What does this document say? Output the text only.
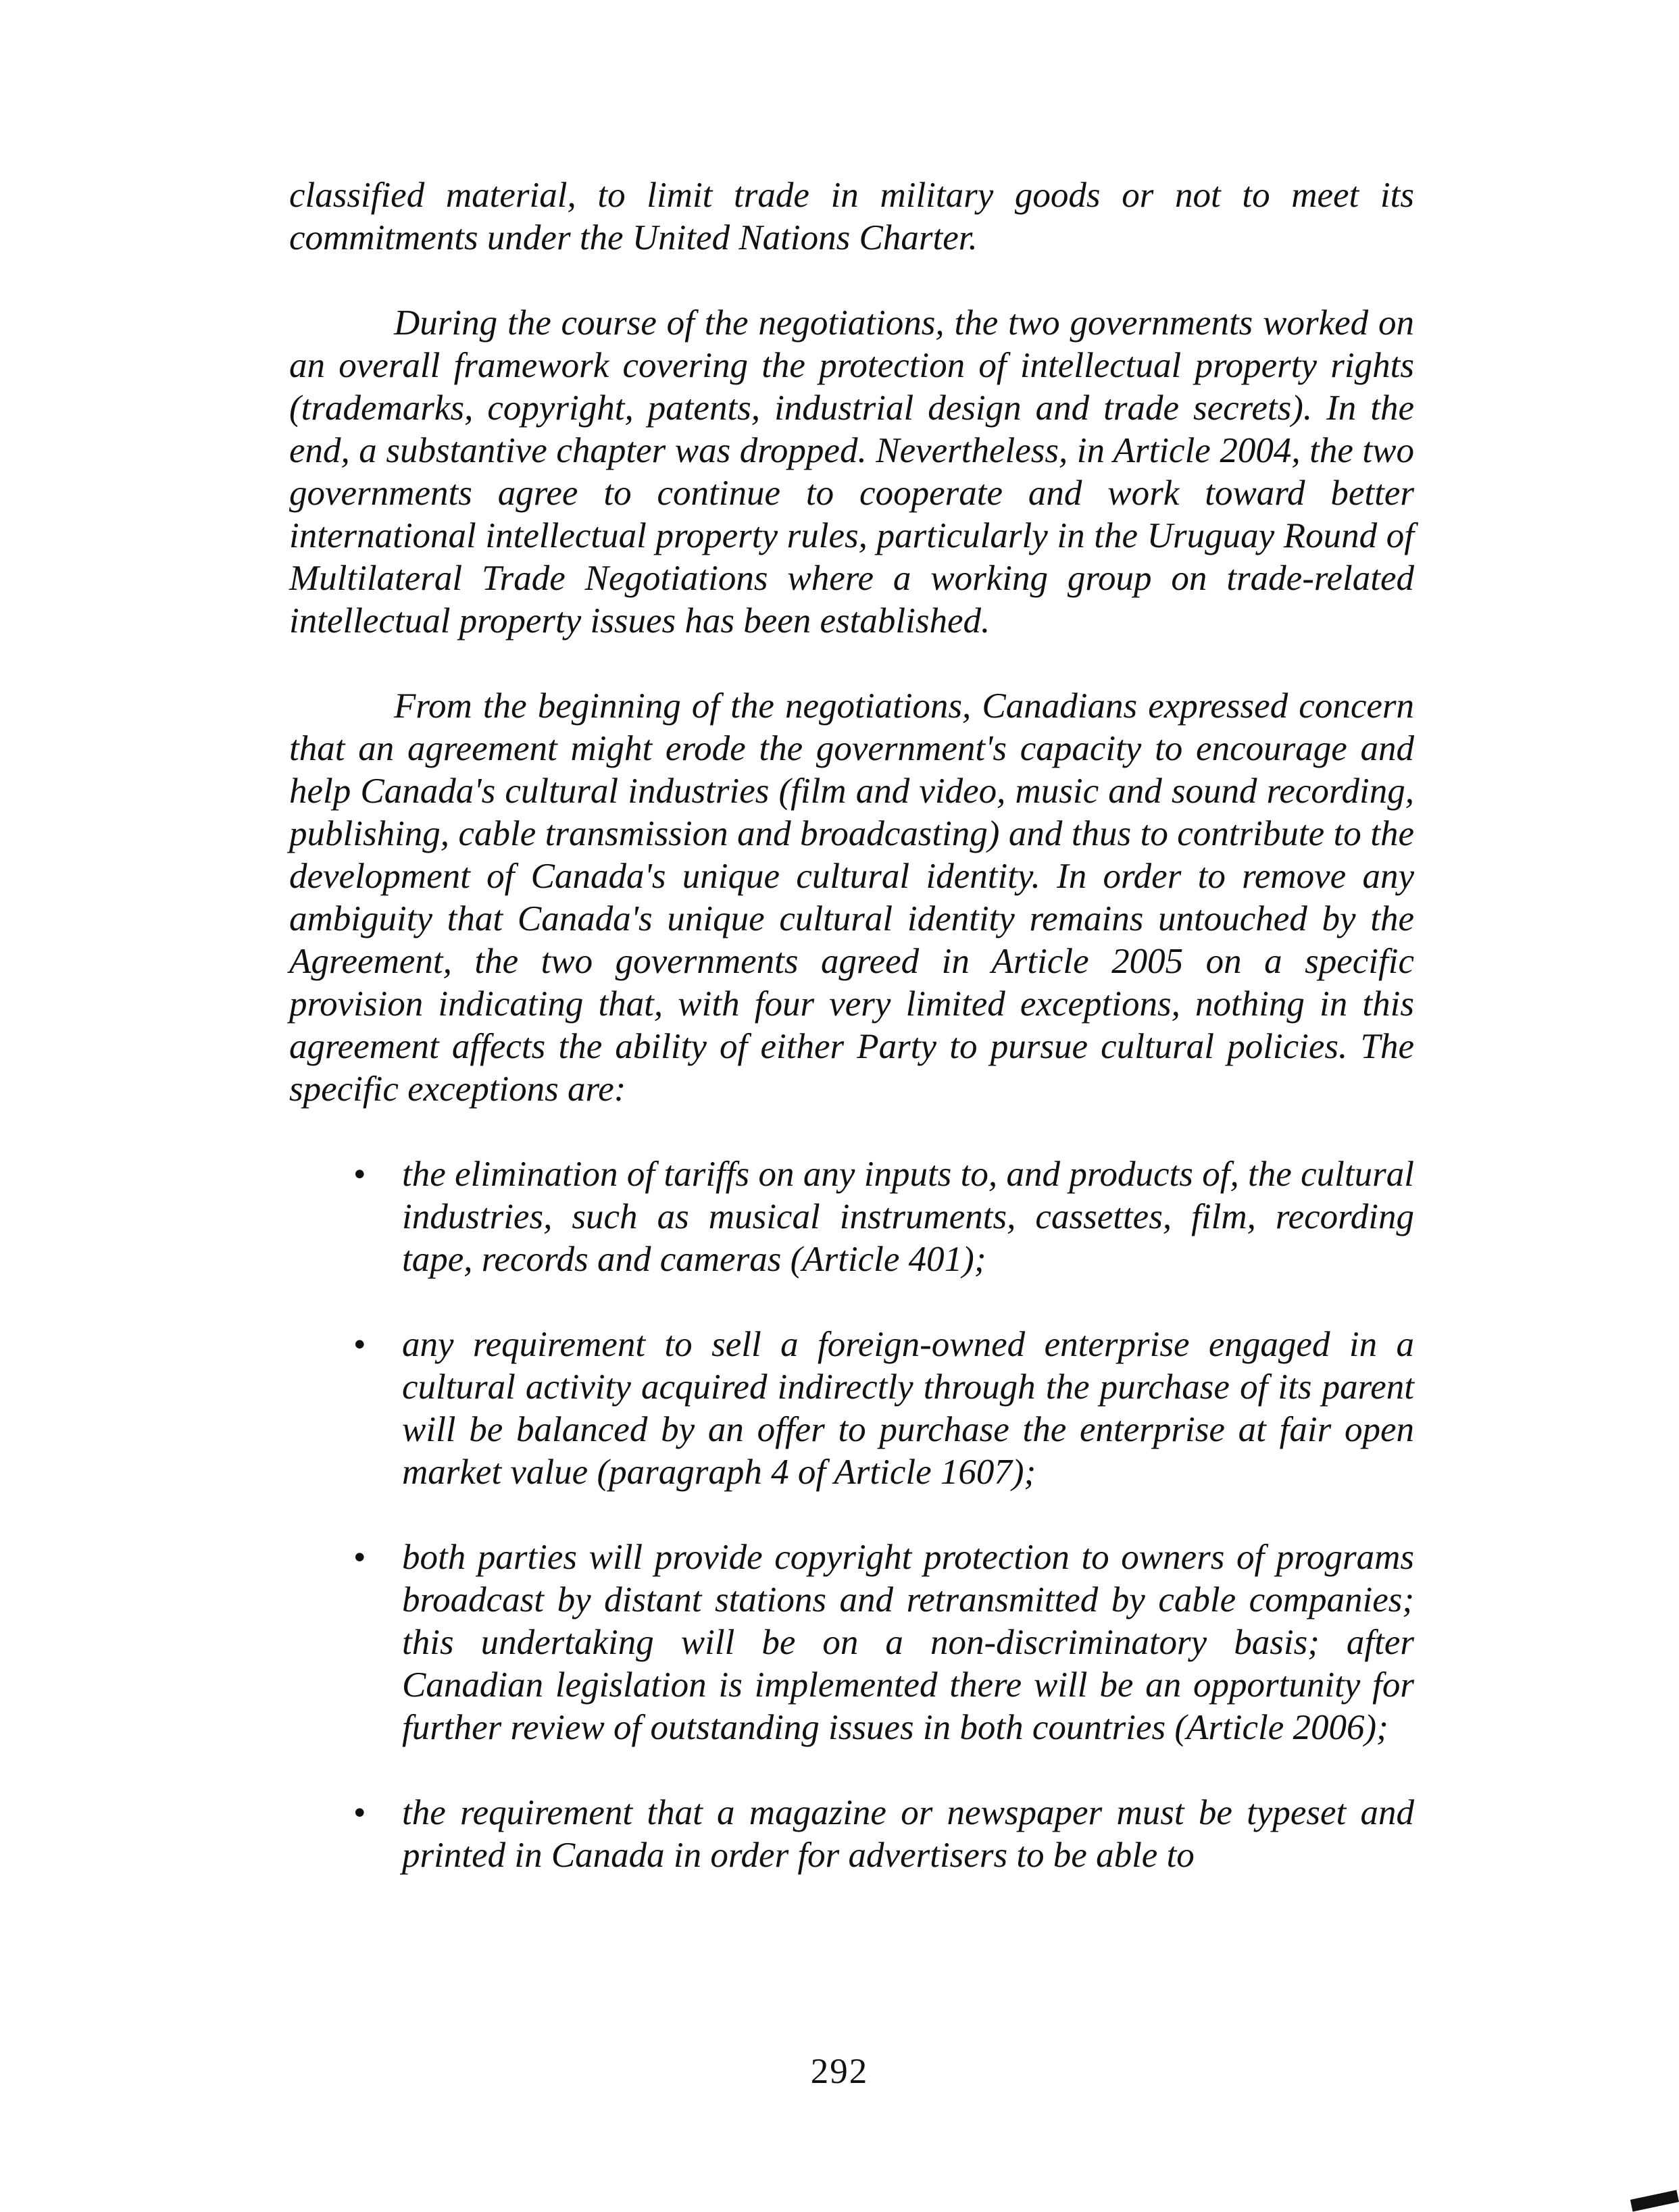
classified material, to limit trade in military goods or not to meet its commitments under the United Nations Charter.

During the course of the negotiations, the two governments worked on an overall framework covering the protection of intellectual property rights (trademarks, copyright, patents, industrial design and trade secrets). In the end, a substantive chapter was dropped. Nevertheless, in Article 2004, the two governments agree to continue to cooperate and work toward better international intellectual property rules, particularly in the Uruguay Round of Multilateral Trade Negotiations where a working group on trade-related intellectual property issues has been established.

From the beginning of the negotiations, Canadians expressed concern that an agreement might erode the government's capacity to encourage and help Canada's cultural industries (film and video, music and sound recording, publishing, cable transmission and broadcasting) and thus to contribute to the development of Canada's unique cultural identity. In order to remove any ambiguity that Canada's unique cultural identity remains untouched by the Agreement, the two governments agreed in Article 2005 on a specific provision indicating that, with four very limited exceptions, nothing in this agreement affects the ability of either Party to pursue cultural policies. The specific exceptions are:

• the elimination of tariffs on any inputs to, and products of, the cultural industries, such as musical instruments, cassettes, film, recording tape, records and cameras (Article 401);
• any requirement to sell a foreign-owned enterprise engaged in a cultural activity acquired indirectly through the purchase of its parent will be balanced by an offer to purchase the enterprise at fair open market value (paragraph 4 of Article 1607);
• both parties will provide copyright protection to owners of programs broadcast by distant stations and retransmitted by cable companies; this undertaking will be on a non-discriminatory basis; after Canadian legislation is implemented there will be an opportunity for further review of outstanding issues in both countries (Article 2006);
• the requirement that a magazine or newspaper must be typeset and printed in Canada in order for advertisers to be able to
292
